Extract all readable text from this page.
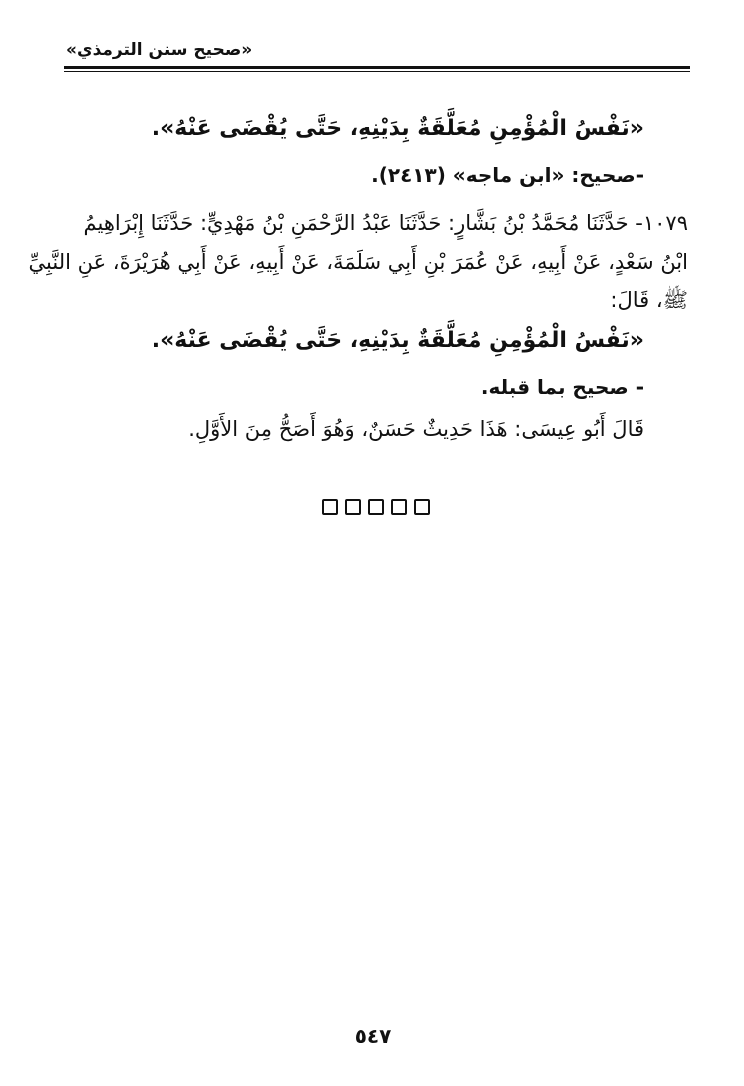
«صحيح سنن الترمذي»
«نَفْسُ الْمُؤْمِنِ مُعَلَّقَةٌ بِدَيْنِهِ، حَتَّى يُقْضَى عَنْهُ».
-صحيح: «ابن ماجه» (٢٤١٣).
١٠٧٩- حَدَّثَنَا مُحَمَّدُ بْنُ بَشَّارٍ: حَدَّثَنَا عَبْدُ الرَّحْمَنِ بْنُ مَهْدِيٍّ: حَدَّثَنَا إِبْرَاهِيمُ
ابْنُ سَعْدٍ، عَنْ أَبِيهِ، عَنْ عُمَرَ بْنِ أَبِي سَلَمَةَ، عَنْ أَبِيهِ، عَنْ أَبِي هُرَيْرَةَ، عَنِ النَّبِيِّ
ﷺ، قَالَ:
«نَفْسُ الْمُؤْمِنِ مُعَلَّقَةٌ بِدَيْنِهِ، حَتَّى يُقْضَى عَنْهُ».
- صحيح بما قبله.
قَالَ أَبُو عِيسَى: هَذَا حَدِيثٌ حَسَنٌ، وَهُوَ أَصَحُّ مِنَ الأَوَّلِ.
٥٤٧
